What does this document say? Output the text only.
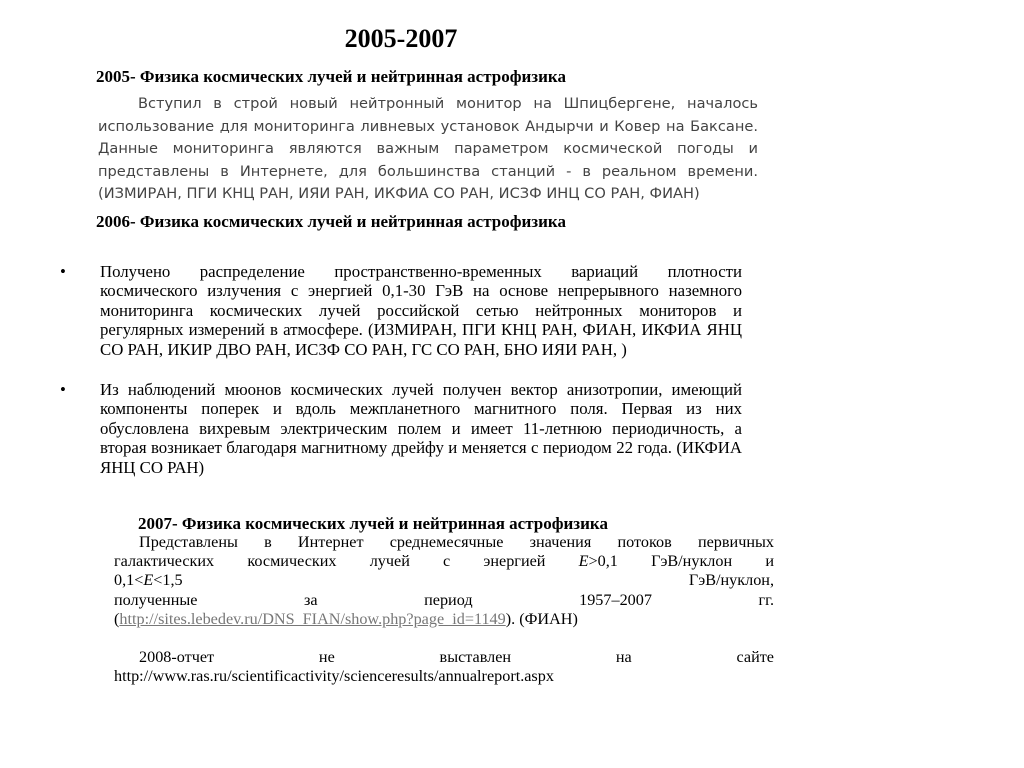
2005-2007
2005- Физика космических лучей и нейтринная астрофизика
Вступил в строй новый нейтронный монитор на Шпицбергене, началось использование для мониторинга ливневых установок Андырчи и Ковер на Баксане. Данные мониторинга являются важным параметром космической погоды и представлены в Интернете, для большинства станций - в реальном времени. (ИЗМИРАН, ПГИ КНЦ РАН, ИЯИ РАН, ИКФИА СО РАН, ИСЗФ ИНЦ СО РАН, ФИАН)
2006- Физика космических лучей и нейтринная астрофизика
• Получено распределение пространственно-временных вариаций плотности космического излучения с энергией 0,1-30 ГэВ на основе непрерывного наземного мониторинга космических лучей российской сетью нейтронных мониторов и регулярных измерений в атмосфере. (ИЗМИРАН, ПГИ КНЦ РАН, ФИАН, ИКФИА ЯНЦ СО РАН, ИКИР ДВО РАН, ИСЗФ СО РАН, ГС СО РАН, БНО ИЯИ РАН, )
• Из наблюдений мюонов космических лучей получен вектор анизотропии, имеющий компоненты поперек и вдоль межпланетного магнитного поля. Первая из них обусловлена вихревым электрическим полем и имеет 11-летнюю периодичность, а вторая возникает благодаря магнитному дрейфу и меняется с периодом 22 года. (ИКФИА ЯНЦ СО РАН)
2007- Физика космических лучей и нейтринная астрофизика
Представлены в Интернет среднемесячные значения потоков первичных
галактических космических лучей с энергией E>0,1 ГэВ/нуклон и
0,1<E<1,5	ГэВ/нуклон,
полученные за период 1957–2007 гг.
(http://sites.lebedev.ru/DNS_FIAN/show.php?page_id=1149). (ФИАН)
2008-отчет не выставлен на сайте
http://www.ras.ru/scientificactivity/scienceresults/annualreport.aspx
